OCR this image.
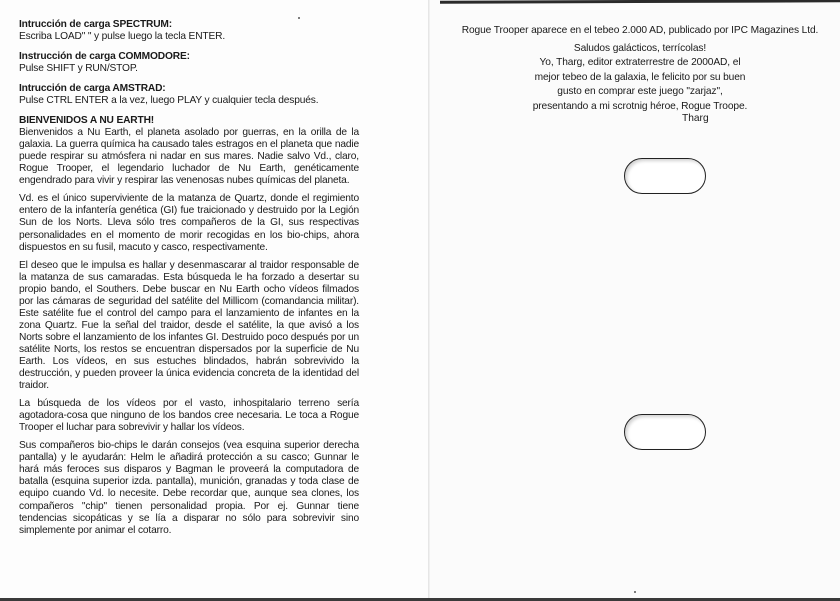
Intrucción de carga SPECTRUM:

Escriba LOAD" " y pulse luego la tecla ENTER.

Instrucción de carga COMMODORE:

Pulse SHIFT y RUN/STOP.

Intrucción de carga AMSTRAD:

Pulse CTRL ENTER a la vez, luego PLAY y cualquier tecla después.

BIENVENIDOS A NU EARTH!

Bienvenidos a Nu Earth, el planeta asolado por guerras, en la orilla de la galaxia. La guerra química ha causado tales estragos en el planeta que nadie puede respirar su atmósfera ni nadar en sus mares. Nadie salvo Vd., claro, Rogue Trooper, el legendario luchador de Nu Earth, genéticamente engendrado para vivir y respirar las venenosas nubes químicas del planeta.

Vd. es el único superviviente de la matanza de Quartz, donde el regimiento entero de la infantería genética (GI) fue traicionado y destruido por la Legión Sun de los Norts. Lleva sólo tres compañeros de la GI, sus respectivas personalidades en el momento de morir recogidas en los bio-chips, ahora dispuestos en su fusil, macuto y casco, respectivamente.

El deseo que le impulsa es hallar y desenmascarar al traidor responsable de la matanza de sus camaradas. Esta búsqueda le ha forzado a desertar su propio bando, el Southers. Debe buscar en Nu Earth ocho vídeos filmados por las cámaras de seguridad del satélite del Millicom (comandancia militar). Este satélite fue el control del campo para el lanzamiento de infantes en la zona Quartz. Fue la señal del traidor, desde el satélite, la que avisó a los Norts sobre el lanzamiento de los infantes GI. Destruido poco después por un satélite Norts, los restos se encuentran dispersados por la superficie de Nu Earth. Los vídeos, en sus estuches blindados, habrán sobrevivido la destrucción, y pueden proveer la única evidencia concreta de la identidad del traidor.

La búsqueda de los vídeos por el vasto, inhospitalario terreno sería agotadora-cosa que ninguno de los bandos cree necesaria. Le toca a Rogue Trooper el luchar para sobrevivir y hallar los vídeos.

Sus compañeros bio-chips le darán consejos (vea esquina superior derecha pantalla) y le ayudarán: Helm le añadirá protección a su casco; Gunnar le hará más feroces sus disparos y Bagman le proveerá la computadora de batalla (esquina superior izda. pantalla), munición, granadas y toda clase de equipo cuando Vd. lo necesite. Debe recordar que, aunque sea clones, los compañeros "chip" tienen personalidad propia. Por ej. Gunnar tiene tendencias sicopáticas y se lía a disparar no sólo para sobrevivir sino simplemente por animar el cotarro.

Rogue Trooper aparece en el tebeo 2.000 AD, publicado por IPC Magazines Ltd.

Saludos galácticos, terrícolas!

Yo, Tharg, editor extraterrestre de 2000AD, el

mejor tebeo de la galaxia, le felicito por su buen

gusto en comprar este juego "zarjaz",

presentando a mi scrotnig héroe, Rogue Troope.

Tharg
